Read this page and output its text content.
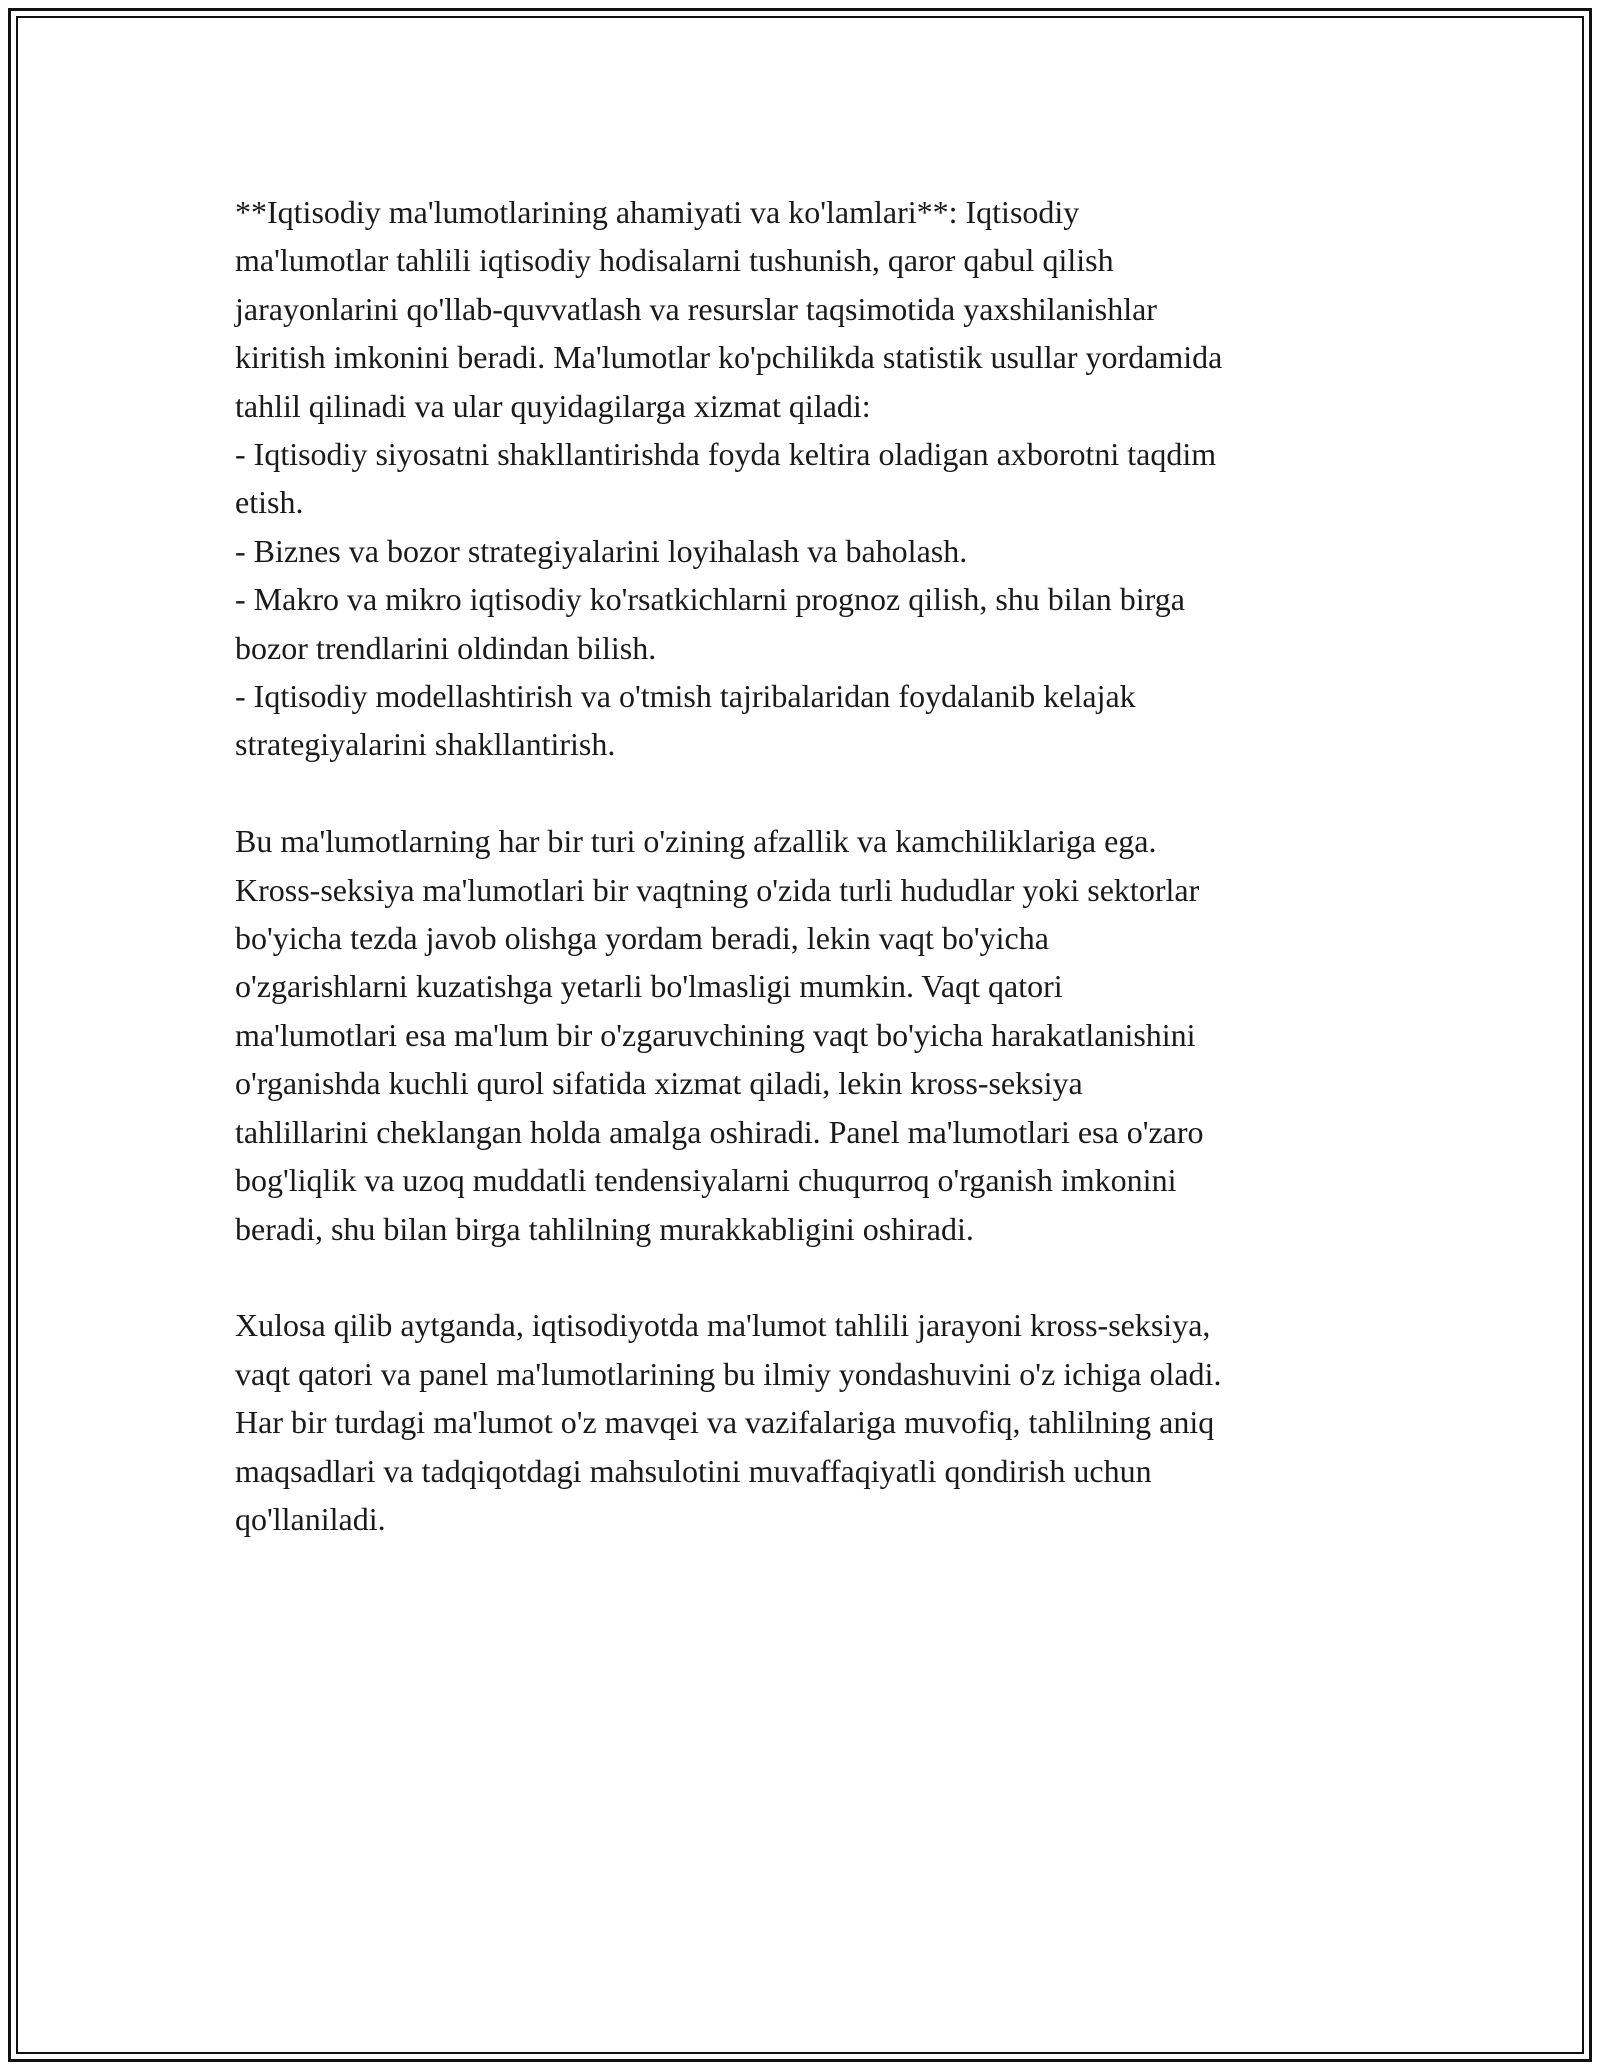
**Iqtisodiy ma'lumotlarining ahamiyati va ko'lamlari**: Iqtisodiy
ma'lumotlar tahlili iqtisodiy hodisalarni tushunish, qaror qabul qilish
jarayonlarini qo'llab-quvvatlash va resurslar taqsimotida yaxshilanishlar
kiritish imkonini beradi. Ma'lumotlar ko'pchilikda statistik usullar yordamida
tahlil qilinadi va ular quyidagilarga xizmat qiladi:
- Iqtisodiy siyosatni shakllantirishda foyda keltira oladigan axborotni taqdim
etish.
- Biznes va bozor strategiyalarini loyihalash va baholash.
- Makro va mikro iqtisodiy ko'rsatkichlarni prognoz qilish, shu bilan birga
bozor trendlarini oldindan bilish.
- Iqtisodiy modellashtirish va o'tmish tajribalaridan foydalanib kelajak
strategiyalarini shakllantirish.

Bu ma'lumotlarning har bir turi o'zining afzallik va kamchiliklariga ega.
Kross-seksiya ma'lumotlari bir vaqtning o'zida turli hududlar yoki sektorlar
bo'yicha tezda javob olishga yordam beradi, lekin vaqt bo'yicha
o'zgarishlarni kuzatishga yetarli bo'lmasligi mumkin. Vaqt qatori
ma'lumotlari esa ma'lum bir o'zgaruvchining vaqt bo'yicha harakatlanishini
o'rganishda kuchli qurol sifatida xizmat qiladi, lekin kross-seksiya
tahlillarini cheklangan holda amalga oshiradi. Panel ma'lumotlari esa o'zaro
bog'liqlik va uzoq muddatli tendensiyalarni chuqurroq o'rganish imkonini
beradi, shu bilan birga tahlilning murakkabligini oshiradi.

Xulosa qilib aytganda, iqtisodiyotda ma'lumot tahlili jarayoni kross-seksiya,
vaqt qatori va panel ma'lumotlarining bu ilmiy yondashuvini o'z ichiga oladi.
Har bir turdagi ma'lumot o'z mavqei va vazifalariga muvofiq, tahlilning aniq
maqsadlari va tadqiqotdagi mahsulotini muvaffaqiyatli qondirish uchun
qo'llaniladi.
